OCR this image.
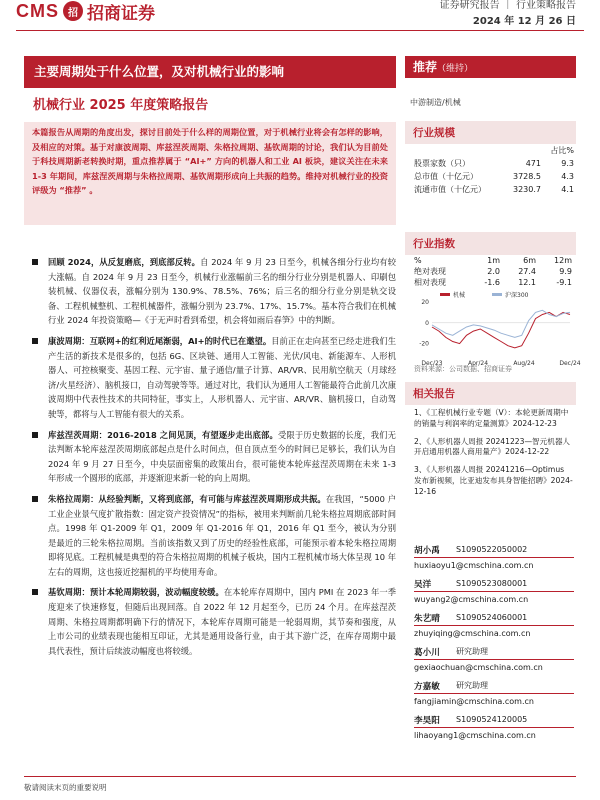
CMS 招 招商证券	证券研究报告 ｜ 行业策略报告
2024 年 12 月 26 日
主要周期处于什么位置，及对机械行业的影响
机械行业 2025 年度策略报告
本篇报告从周期的角度出发，探讨目前处于什么样的周期位置，对于机械行业将会有怎样的影响，及相应的对策。基于对康波周期、库兹涅茨周期、朱格拉周期、基钦周期的讨论，我们认为目前处于科技周期新老转换时期，重点推荐属于 “AI+” 方向的机器人和工业 AI 板块，建议关注在未来 1-3 年期间，库兹涅茨周期与朱格拉周期、基钦周期形成向上共振的趋势。维持对机械行业的投资评级为 “推荐” 。
回顾 2024，从反复磨底，到底部反转。自 2024 年 9 月 23 日至今，机械各细分行业均有较大涨幅。自 2024 年 9 月 23 日至今，机械行业涨幅前三名的细分行业分别是机器人、印刷包装机械、仪器仪表，涨幅分别为 130.9%、78.5%、76%；后三名的细分行业分别是轨交设备、工程机械整机、工程机械器件，涨幅分别为 23.7%、17%、15.7%。基本符合我们在机械行业 2024 年投资策略—《于无声时看到希望，机会将如雨后春笋》中的判断。
康波周期：互联网+的红利近尾渐弱，AI+的时代已在邀望。目前正在走向甚至已经走进我们生产生活的新技术是很多的，包括 6G、区块链、通用人工智能、光伏/风电、新能源车、人形机器人、可控核聚变、基因工程、元宇宙、量子通信/量子计算、AR/VR、民用航空航天（月球经济/火星经济）、脑机接口，自动驾驶等等。通过对比，我们认为通用人工智能最符合此前几次康波周期中代表性技术的共同特征，事实上，人形机器人、元宇宙、AR/VR、脑机接口，自动驾驶等，都将与人工智能有很大的关系。
库兹涅茨周期：2016-2018 之间见顶，有望逐步走出底部。受限于历史数据的长度，我们无法判断本轮库兹涅茨周期底部起点是什么时间点，但自顶点至今的时间已足够长，我们认为自 2024 年 9 月 27 日至今，中央层面密集的政策出台，很可能使本轮库兹涅茨周期在未来 1-3 年形成一个圆形的底部，并逐渐迎来新一轮的向上周期。
朱格拉周期：从经验判断，又将到底部，有可能与库兹涅茨周期形成共振。在我国，“5000 户工业企业景气度扩散指数：固定资产投资情况”的指标，被用来判断前几轮朱格拉周期底部时间点。1998 年 Q1-2009 年 Q1，2009 年 Q1-2016 年 Q1，2016 年 Q1 至今，被认为分别是最近的三轮朱格拉周期。当前该指数又到了历史的经验性底部，可能预示着本轮朱格拉周期即将见底。工程机械是典型的符合朱格拉周期的机械子板块，国内工程机械市场大体呈现 10 年左右的周期，这也接近挖掘机的平均使用寿命。
基钦周期：预计本轮周期较弱，波动幅度较缓。在本轮库存周期中，国内 PMI 在 2023 年一季度迎来了快速修复，但随后出现回落。自 2022 年 12 月起至今，已历 24 个月。在库兹涅茨周期、朱格拉周期都明确下行的情况下，本轮库存周期可能是一轮弱周期，其节奏和强度，从上市公司的业绩表现也能相互印证，尤其是通用设备行业，由于其下游广泛，在库存周期中最具代表性，预计后续波动幅度也将较缓。
推荐（维持）
中游制造/机械
行业规模
占比%
股票家数（只）	471	9.3
总市值（十亿元）	3728.5	4.3
流通市值（十亿元）	3230.7	4.1
行业指数
%	1m	6m	12m
绝对表现	2.0	27.4	9.9
相对表现	-1.6	12.1	-9.1
机械	沪深300
20
0
-20
Dec/23	Apr/24	Aug/24	Dec/24
资料来源：公司数据、招商证券
相关报告
1、《工程机械行业专题（V）：本轮更新周期中的销量与利润率的定量测算》2024-12-23
2、《人形机器人周报 20241223—智元机器人开启通用机器人商用量产》2024-12-22
3、《人形机器人周报 20241216—Optimus 发布新视频，比亚迪发布具身智能招聘》2024-12-16
胡小禹	S1090522050002
huxiaoyu1@cmschina.com.cn
吴洋	S1090523080001
wuyang2@cmschina.com.cn
朱艺晴	S1090524060001
zhuyiqing@cmschina.com.cn
葛小川	研究助理
gexiaochuan@cmschina.com.cn
方嘉敏	研究助理
fangjiamin@cmschina.com.cn
李昊阳	S1090524120005
lihaoyang1@cmschina.com.cn
敬请阅读末页的重要说明
